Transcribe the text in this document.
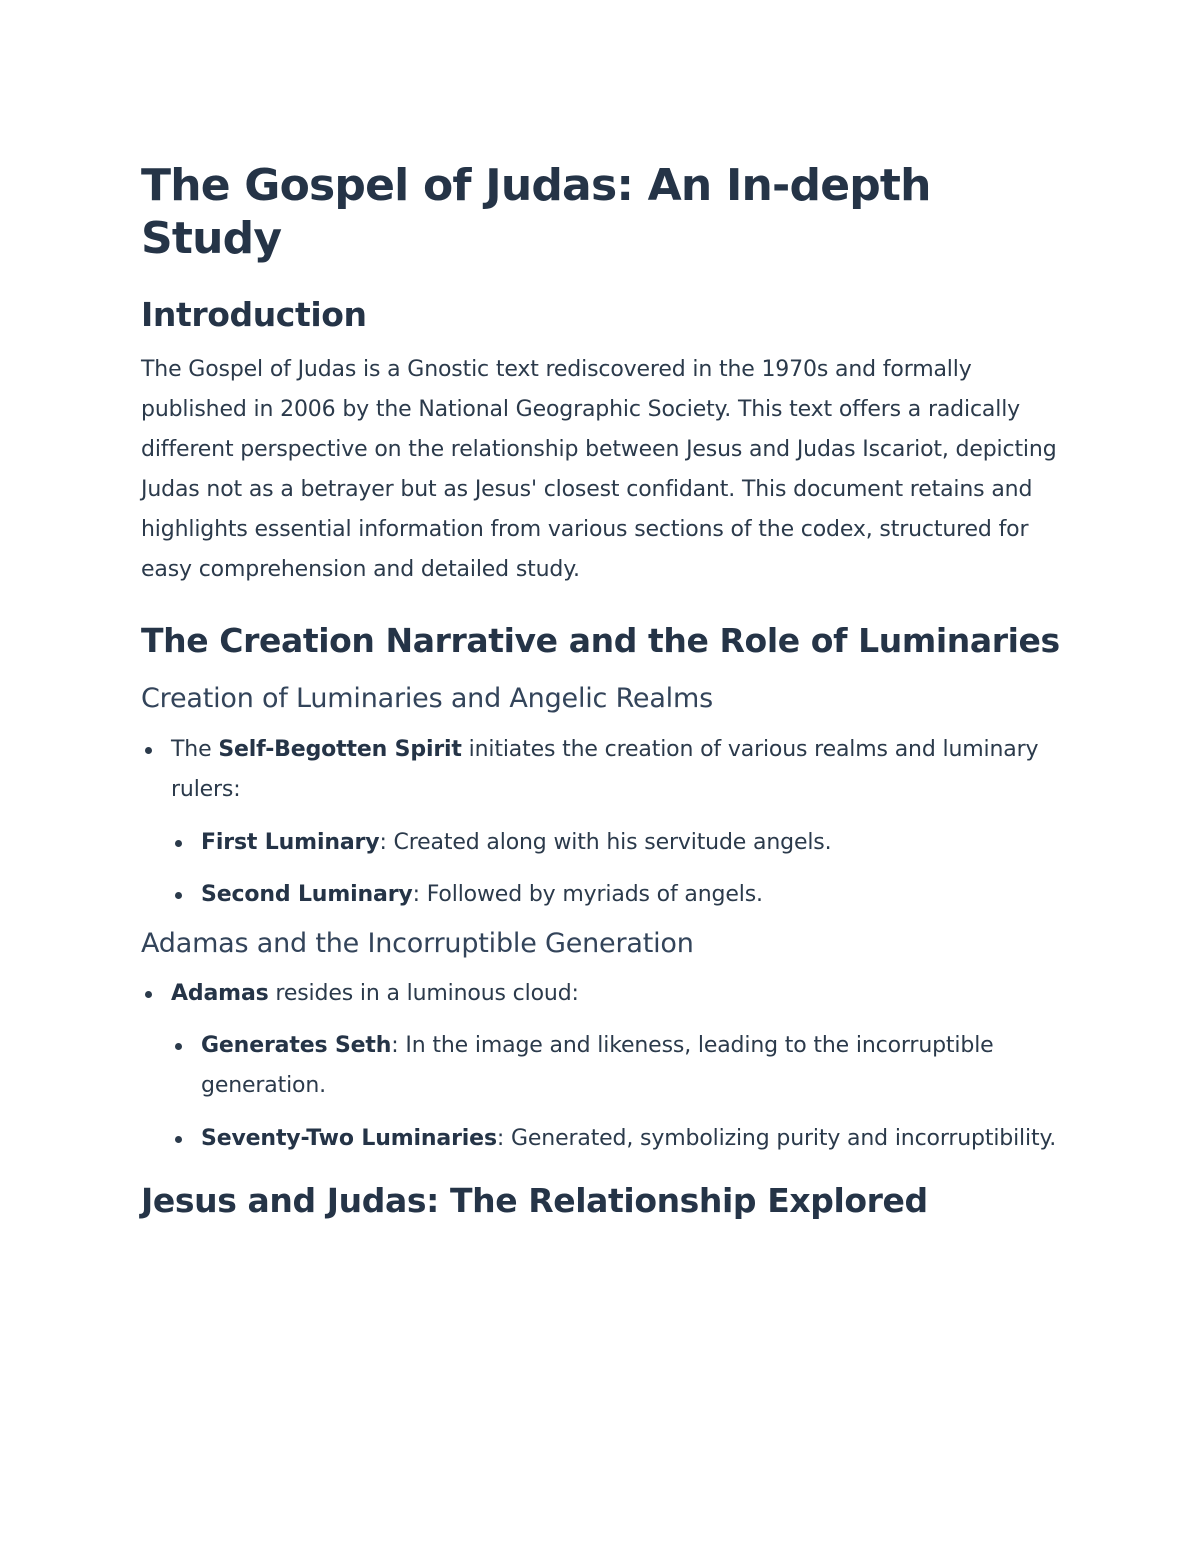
The Gospel of Judas: An In-depth Study
Introduction

The Gospel of Judas is a Gnostic text rediscovered in the 1970s and formally published in 2006 by the National Geographic Society. This text offers a radically different perspective on the relationship between Jesus and Judas Iscariot, depicting Judas not as a betrayer but as Jesus' closest confidant. This document retains and highlights essential information from various sections of the codex, structured for easy comprehension and detailed study.

The Creation Narrative and the Role of Luminaries
Creation of Luminaries and Angelic Realms
The Self-Begotten Spirit initiates the creation of various realms and luminary rulers:
First Luminary: Created along with his servitude angels.
Second Luminary: Followed by myriads of angels.
Adamas and the Incorruptible Generation
Adamas resides in a luminous cloud:
Generates Seth: In the image and likeness, leading to the incorruptible generation.
Seventy-Two Luminaries: Generated, symbolizing purity and incorruptibility.
Jesus and Judas: The Relationship Explored
